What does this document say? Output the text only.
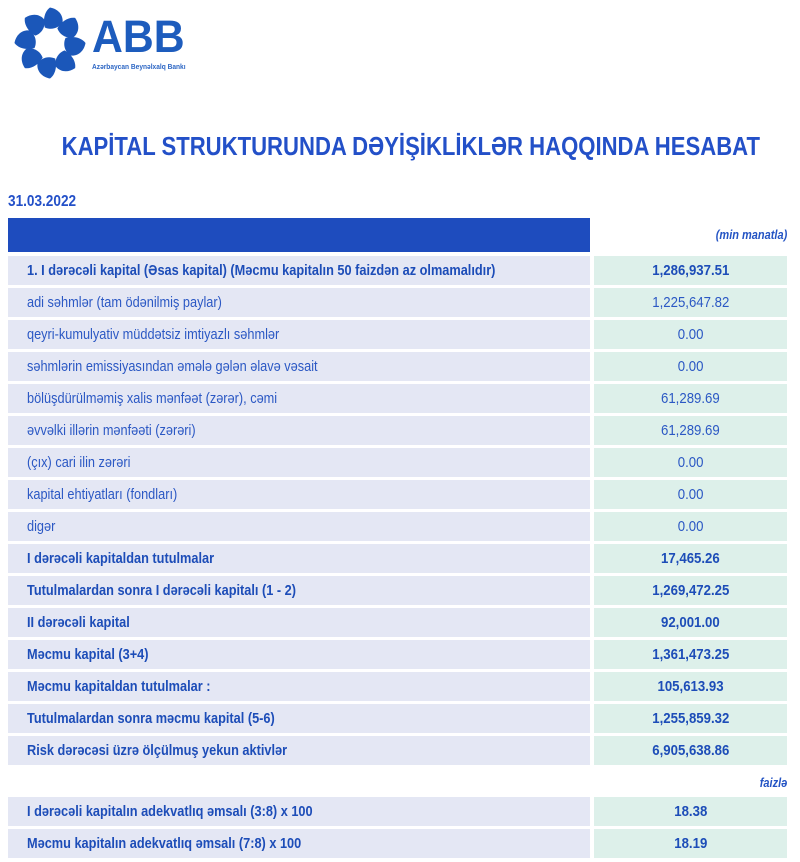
ABB
Azərbaycan Beynəlxalq Bankı
KAPİTAL STRUKTURUNDA DƏYİŞİKLİKLƏR HAQQINDA HESABAT
31.03.2022
(min manatla)
1. I dərəcəli kapital (Əsas kapital) (Məcmu kapitalın 50 faizdən az olmamalıdır)	1,286,937.51
adi səhmlər (tam ödənilmiş paylar)	1,225,647.82
qeyri-kumulyativ müddətsiz imtiyazlı səhmlər	0.00
səhmlərin emissiyasından əmələ gələn əlavə vəsait	0.00
bölüşdürülməmiş xalis mənfəət (zərər), cəmi	61,289.69
əvvəlki illərin mənfəəti (zərəri)	61,289.69
(çıx) cari ilin zərəri	0.00
kapital ehtiyatları (fondları)	0.00
digər	0.00
I dərəcəli kapitaldan tutulmalar	17,465.26
Tutulmalardan sonra I dərəcəli kapitalı (1 - 2)	1,269,472.25
II dərəcəli kapital	92,001.00
Məcmu kapital (3+4)	1,361,473.25
Məcmu kapitaldan tutulmalar :	105,613.93
Tutulmalardan sonra məcmu kapital (5-6)	1,255,859.32
Risk dərəcəsi üzrə ölçülmuş yekun aktivlər	6,905,638.86
faizlə
I dərəcəli kapitalın adekvatlıq əmsalı (3:8) x 100	18.38
Məcmu kapitalın adekvatlıq əmsalı (7:8) x 100	18.19
